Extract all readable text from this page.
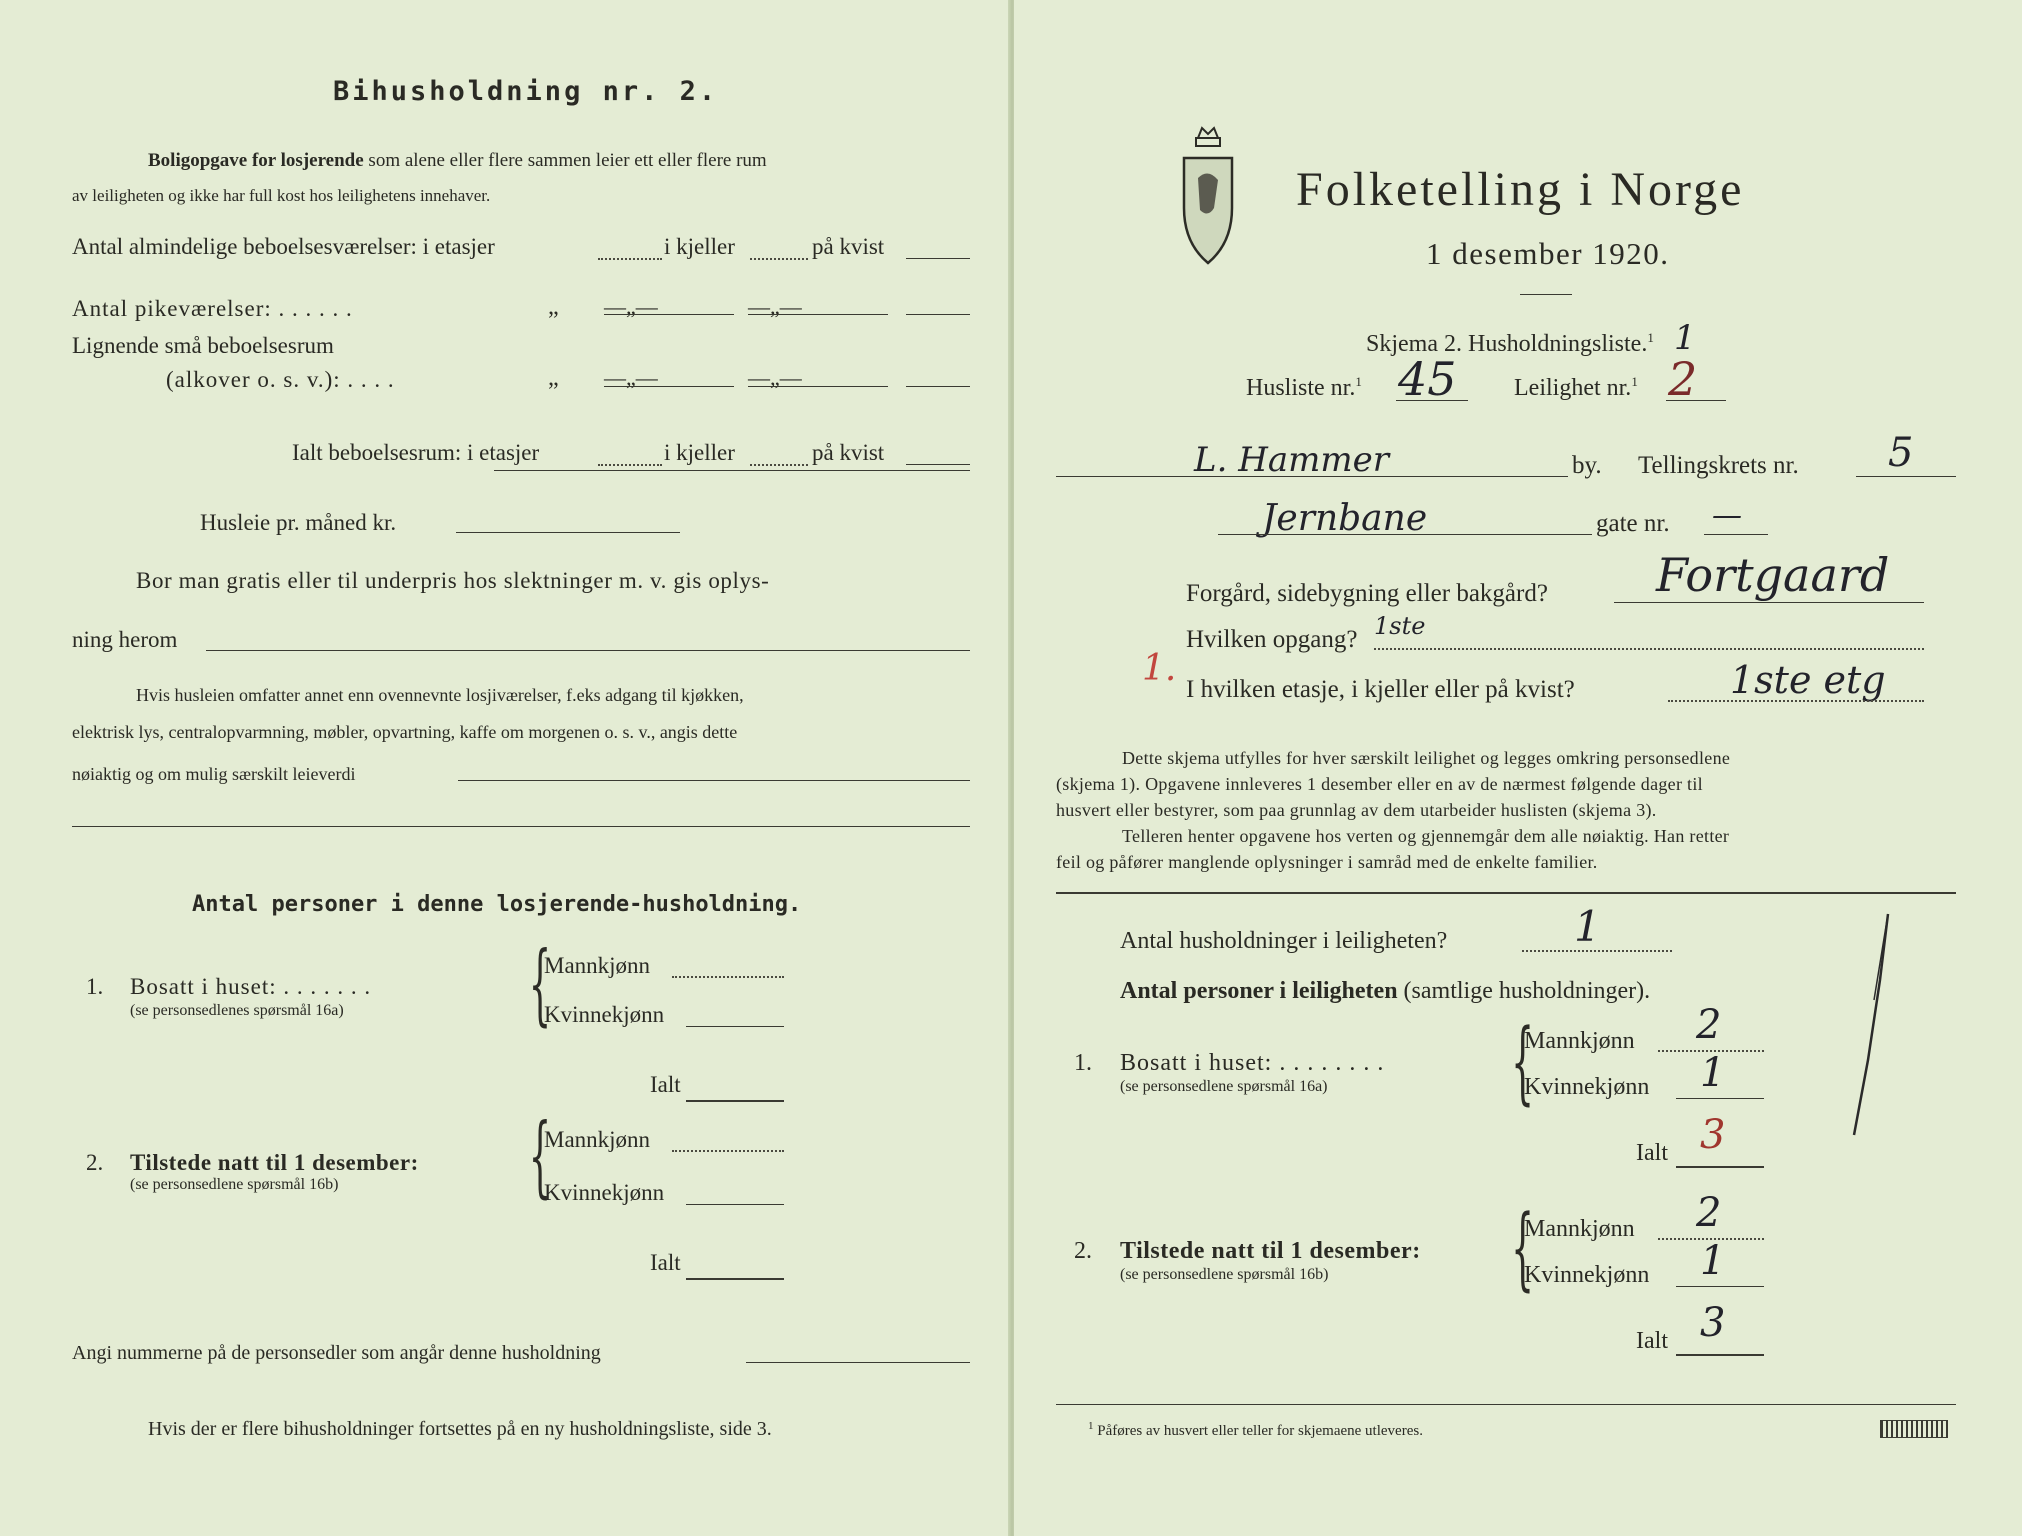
Bihusholdning nr. 2.
Boligopgave for losjerende som alene eller flere sammen leier ett eller flere rum
av leiligheten og ikke har full kost hos leilighetens innehaver.
Antal almindelige beboelsesværelser: i etasjer	i kjeller	på kvist
Antal pikeværelser: . . . . . .	„ —„—	—„—
Lignende små beboelsesrum
(alkover o. s. v.): . . . .	„ —„—	—„—
Ialt beboelsesrum: i etasjer	i kjeller	på kvist
Husleie pr. måned kr.
Bor man gratis eller til underpris hos slektninger m. v. gis oplys-
ning herom
Hvis husleien omfatter annet enn ovennevnte losjiværelser, f.eks adgang til kjøkken,
elektrisk lys, centralopvarmning, møbler, opvartning, kaffe om morgenen o. s. v., angis dette
nøiaktig og om mulig særskilt leieverdi
Antal personer i denne losjerende-husholdning.
1. Bosatt i huset: . . . . . . .
(se personsedlenes spørsmål 16a) {
Mannkjønn
Kvinnekjønn
Ialt
2. Tilstede natt til 1 desember:
(se personsedlene spørsmål 16b) {
Mannkjønn
Kvinnekjønn
Ialt
Angi nummerne på de personsedler som angår denne husholdning
Hvis der er flere bihusholdninger fortsettes på en ny husholdningsliste, side 3.
Folketelling i Norge
1 desember 1920.
Skjema 2. Husholdningsliste.$^1$ 1
Husliste nr.$^1$ 45 Leilighet nr.$^1$ 2
L. Hammer	by. Tellingskrets nr. 5
Jernbane	gate nr. —
Forgård, sidebygning eller bakgård? Fortgaard
Hvilken opgang? 1ste
1.
I hvilken etasje, i kjeller eller på kvist?	1ste etg
Dette skjema utfylles for hver særskilt leilighet og legges omkring personsedlene
(skjema 1). Opgavene innleveres 1 desember eller en av de nærmest følgende dager til
husvert eller bestyrer, som paa grunnlag av dem utarbeider huslisten (skjema 3).
Telleren henter opgavene hos verten og gjennemgår dem alle nøiaktig. Han retter
feil og påfører manglende oplysninger i samråd med de enkelte familier.
Antal husholdninger i leiligheten?	1
Antal personer i leiligheten (samtlige husholdninger).
1. Bosatt i huset: . . . . . . . .
(se personsedlene spørsmål 16a) {
Mannkjønn 2
Kvinnekjønn 1
Ialt 3
2. Tilstede natt til 1 desember:
(se personsedlene spørsmål 16b) {
Mannkjønn 2
Kvinnekjønn 1
Ialt 3
$^1$ Påføres av husvert eller teller for skjemaene utleveres.
